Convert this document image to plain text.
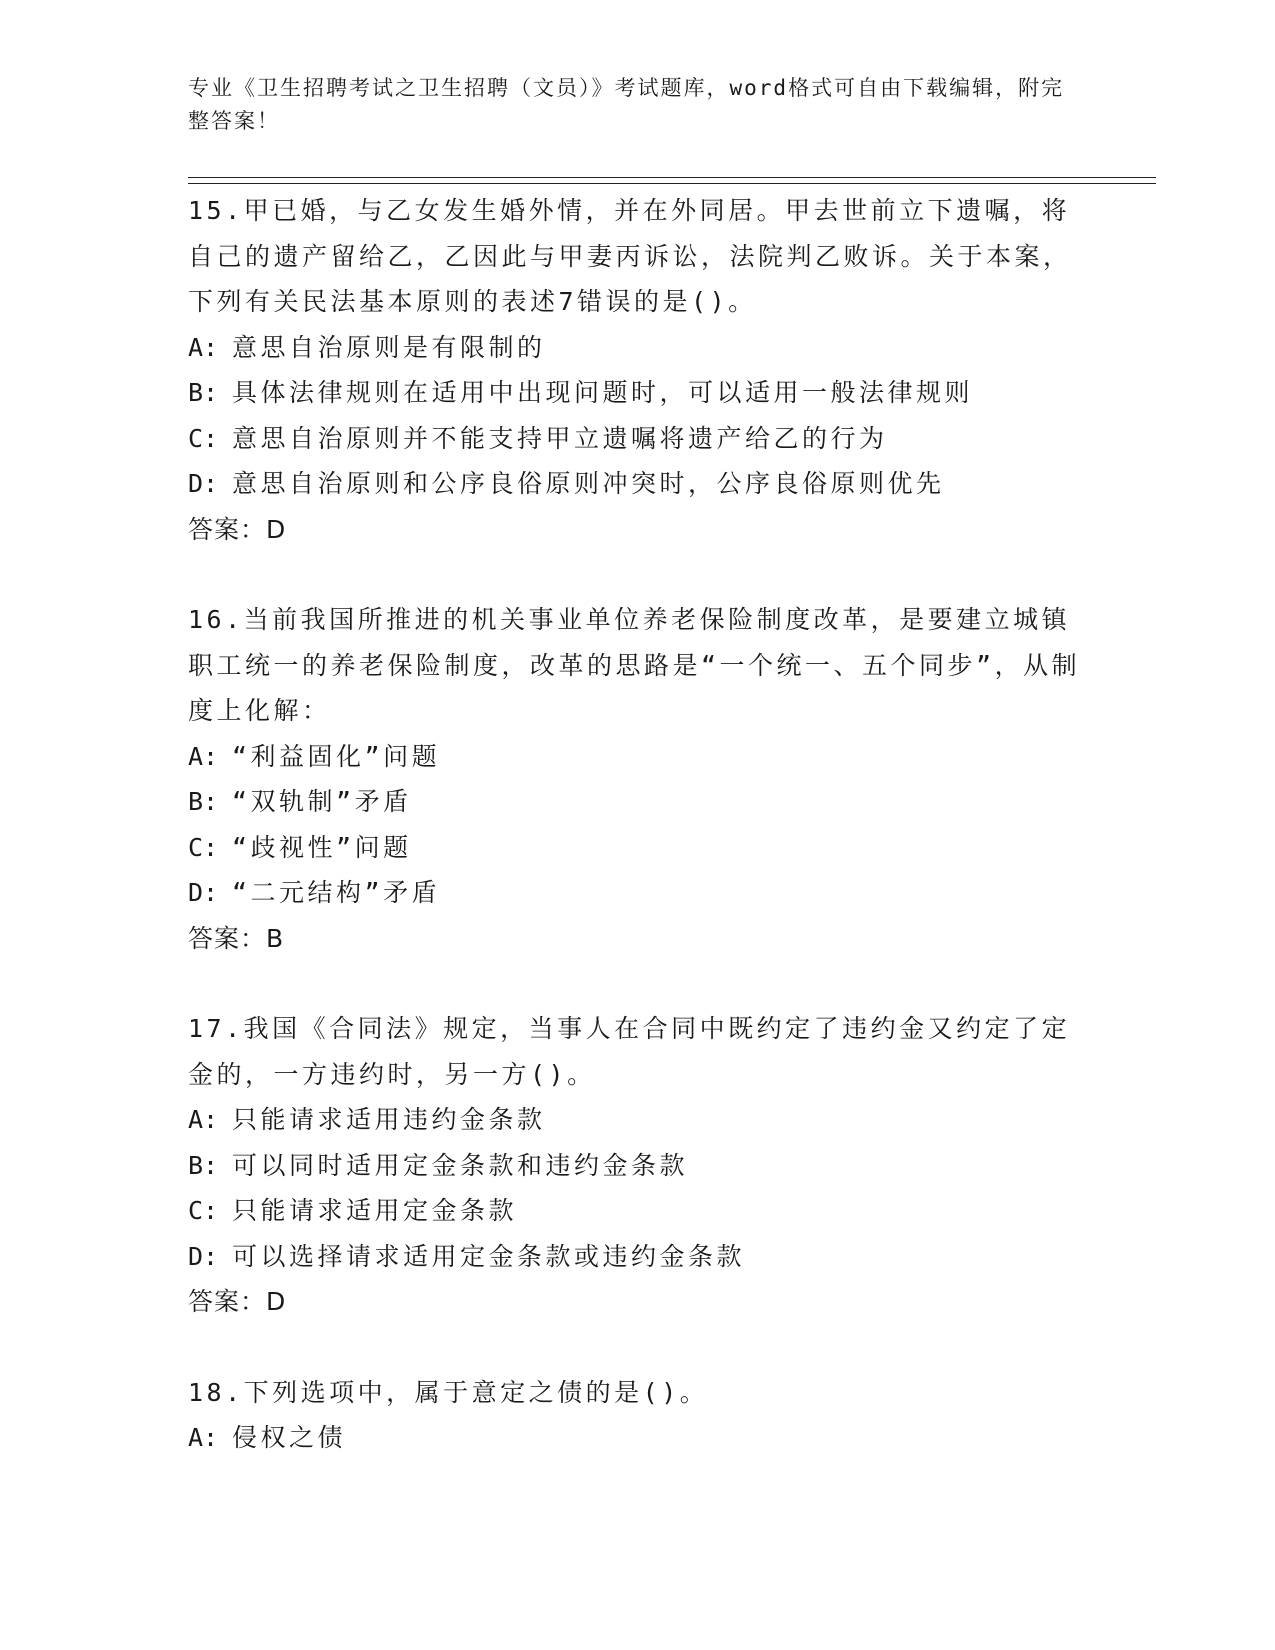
专业《卫生招聘考试之卫生招聘（文员）》考试题库，word格式可自由下载编辑，附完整答案！
15.甲已婚，与乙女发生婚外情，并在外同居。甲去世前立下遗嘱，将自己的遗产留给乙，乙因此与甲妻丙诉讼，法院判乙败诉。关于本案，下列有关民法基本原则的表述7错误的是()。
A: 意思自治原则是有限制的
B: 具体法律规则在适用中出现问题时，可以适用一般法律规则
C: 意思自治原则并不能支持甲立遗嘱将遗产给乙的行为
D: 意思自治原则和公序良俗原则冲突时，公序良俗原则优先
答案：D
16.当前我国所推进的机关事业单位养老保险制度改革，是要建立城镇职工统一的养老保险制度，改革的思路是“一个统一、五个同步”，从制度上化解：
A: “利益固化”问题
B: “双轨制”矛盾
C: “歧视性”问题
D: “二元结构”矛盾
答案：B
17.我国《合同法》规定，当事人在合同中既约定了违约金又约定了定金的，一方违约时，另一方()。
A: 只能请求适用违约金条款
B: 可以同时适用定金条款和违约金条款
C: 只能请求适用定金条款
D: 可以选择请求适用定金条款或违约金条款
答案：D
18.下列选项中，属于意定之债的是()。
A: 侵权之债
